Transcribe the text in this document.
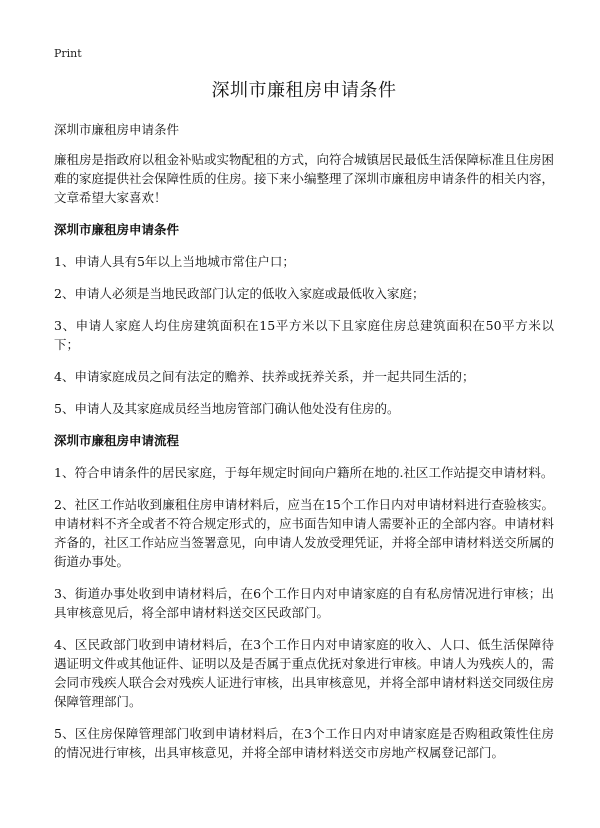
Print
深圳市廉租房申请条件
深圳市廉租房申请条件

廉租房是指政府以租金补贴或实物配租的方式，向符合城镇居民最低生活保障标准且住房困难的家庭提供社会保障性质的住房。接下来小编整理了深圳市廉租房申请条件的相关内容，文章希望大家喜欢！

深圳市廉租房申请条件

1、申请人具有5年以上当地城市常住户口；

2、申请人必须是当地民政部门认定的低收入家庭或最低收入家庭；

3、申请人家庭人均住房建筑面积在15平方米以下且家庭住房总建筑面积在50平方米以下；

4、申请家庭成员之间有法定的赡养、扶养或抚养关系，并一起共同生活的；

5、申请人及其家庭成员经当地房管部门确认他处没有住房的。

深圳市廉租房申请流程

1、符合申请条件的居民家庭，于每年规定时间向户籍所在地的.社区工作站提交申请材料。

2、社区工作站收到廉租住房申请材料后，应当在15个工作日内对申请材料进行查验核实。申请材料不齐全或者不符合规定形式的，应书面告知申请人需要补正的全部内容。申请材料齐备的，社区工作站应当签署意见，向申请人发放受理凭证，并将全部申请材料送交所属的街道办事处。

3、街道办事处收到申请材料后，在6个工作日内对申请家庭的自有私房情况进行审核；出具审核意见后，将全部申请材料送交区民政部门。

4、区民政部门收到申请材料后，在3个工作日内对申请家庭的收入、人口、低生活保障待遇证明文件或其他证件、证明以及是否属于重点优抚对象进行审核。申请人为残疾人的，需会同市残疾人联合会对残疾人证进行审核，出具审核意见，并将全部申请材料送交同级住房保障管理部门。

5、区住房保障管理部门收到申请材料后，在3个工作日内对申请家庭是否购租政策性住房的情况进行审核，出具审核意见，并将全部申请材料送交市房地产权属登记部门。
